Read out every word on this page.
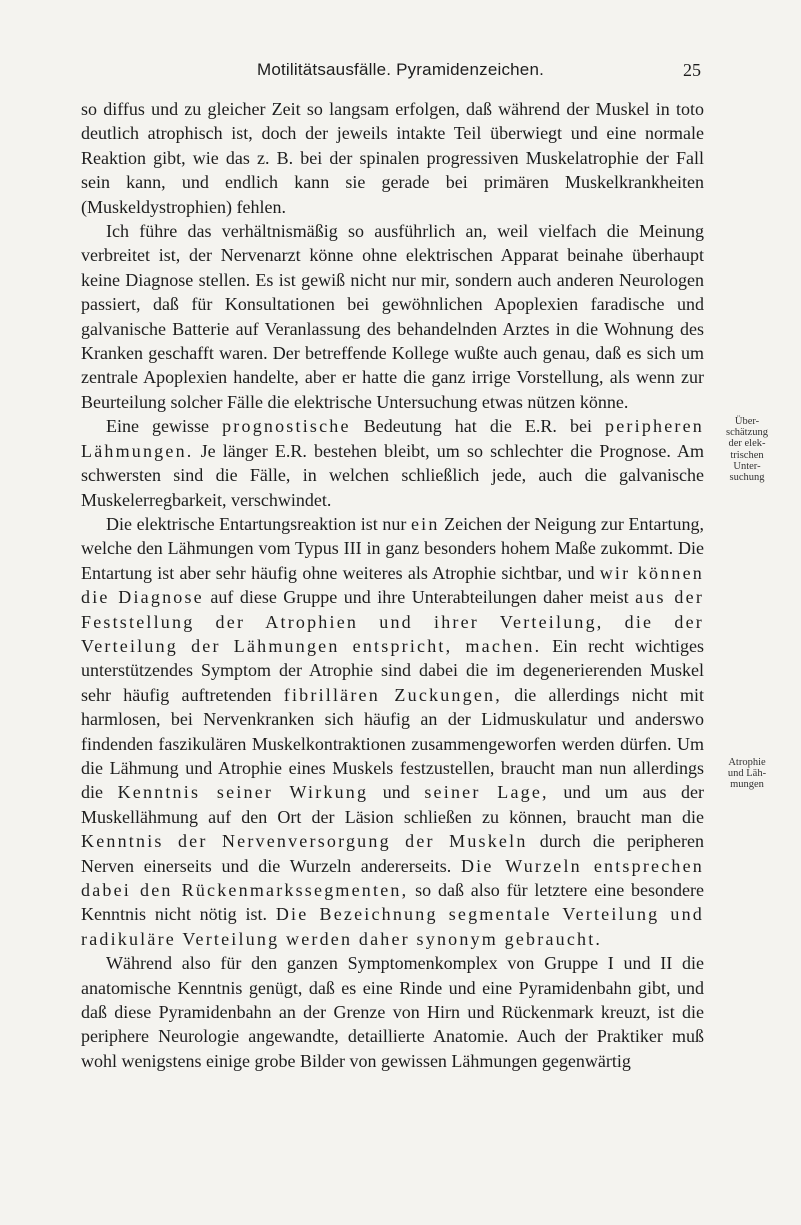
Motilitätsausfälle. Pyramidenzeichen.	25

so diffus und zu gleicher Zeit so langsam erfolgen, daß während der Muskel in toto deutlich atrophisch ist, doch der jeweils intakte Teil überwiegt und eine normale Reaktion gibt, wie das z. B. bei der spinalen progressiven Muskelatrophie der Fall sein kann, und endlich kann sie gerade bei primären Muskelkrankheiten (Muskeldystrophien) fehlen.

Ich führe das verhältnismäßig so ausführlich an, weil vielfach die Meinung verbreitet ist, der Nervenarzt könne ohne elektrischen Apparat beinahe überhaupt keine Diagnose stellen. Es ist gewiß nicht nur mir, sondern auch anderen Neurologen passiert, daß für Konsultationen bei gewöhnlichen Apoplexien faradische und galvanische Batterie auf Veranlassung des behandelnden Arztes in die Wohnung des Kranken geschafft waren. Der betreffende Kollege wußte auch genau, daß es sich um zentrale Apoplexien handelte, aber er hatte die ganz irrige Vorstellung, als wenn zur Beurteilung solcher Fälle die elektrische Untersuchung etwas nützen könne.

Eine gewisse prognostische Bedeutung hat die E.R. bei peripheren Lähmungen. Je länger E.R. bestehen bleibt, um so schlechter die Prognose. Am schwersten sind die Fälle, in welchen schließlich jede, auch die galvanische Muskelerregbarkeit, verschwindet.

Die elektrische Entartungsreaktion ist nur ein Zeichen der Neigung zur Entartung, welche den Lähmungen vom Typus III in ganz besonders hohem Maße zukommt. Die Entartung ist aber sehr häufig ohne weiteres als Atrophie sichtbar, und wir können die Diagnose auf diese Gruppe und ihre Unterabteilungen daher meist aus der Feststellung der Atrophien und ihrer Verteilung, die der Verteilung der Lähmungen entspricht, machen. Ein recht wichtiges unterstützendes Symptom der Atrophie sind dabei die im degenerierenden Muskel sehr häufig auftretenden fibrillären Zuckungen, die allerdings nicht mit harmlosen, bei Nervenkranken sich häufig an der Lidmuskulatur und anderswo findenden faszikulären Muskelkontraktionen zusammengeworfen werden dürfen. Um die Lähmung und Atrophie eines Muskels festzustellen, braucht man nun allerdings die Kenntnis seiner Wirkung und seiner Lage, und um aus der Muskellähmung auf den Ort der Läsion schließen zu können, braucht man die Kenntnis der Nervenversorgung der Muskeln durch die peripheren Nerven einerseits und die Wurzeln andererseits. Die Wurzeln entsprechen dabei den Rückenmarkssegmenten, so daß also für letztere eine besondere Kenntnis nicht nötig ist. Die Bezeichnung segmentale Verteilung und radikuläre Verteilung werden daher synonym gebraucht.

Während also für den ganzen Symptomenkomplex von Gruppe I und II die anatomische Kenntnis genügt, daß es eine Rinde und eine Pyramidenbahn gibt, und daß diese Pyramidenbahn an der Grenze von Hirn und Rückenmark kreuzt, ist die periphere Neurologie angewandte, detaillierte Anatomie. Auch der Praktiker muß wohl wenigstens einige grobe Bilder von gewissen Lähmungen gegenwärtig

Über-
schätzung
der elek-
trischen
Unter-
suchung
Atrophie
und Läh-
mungen
